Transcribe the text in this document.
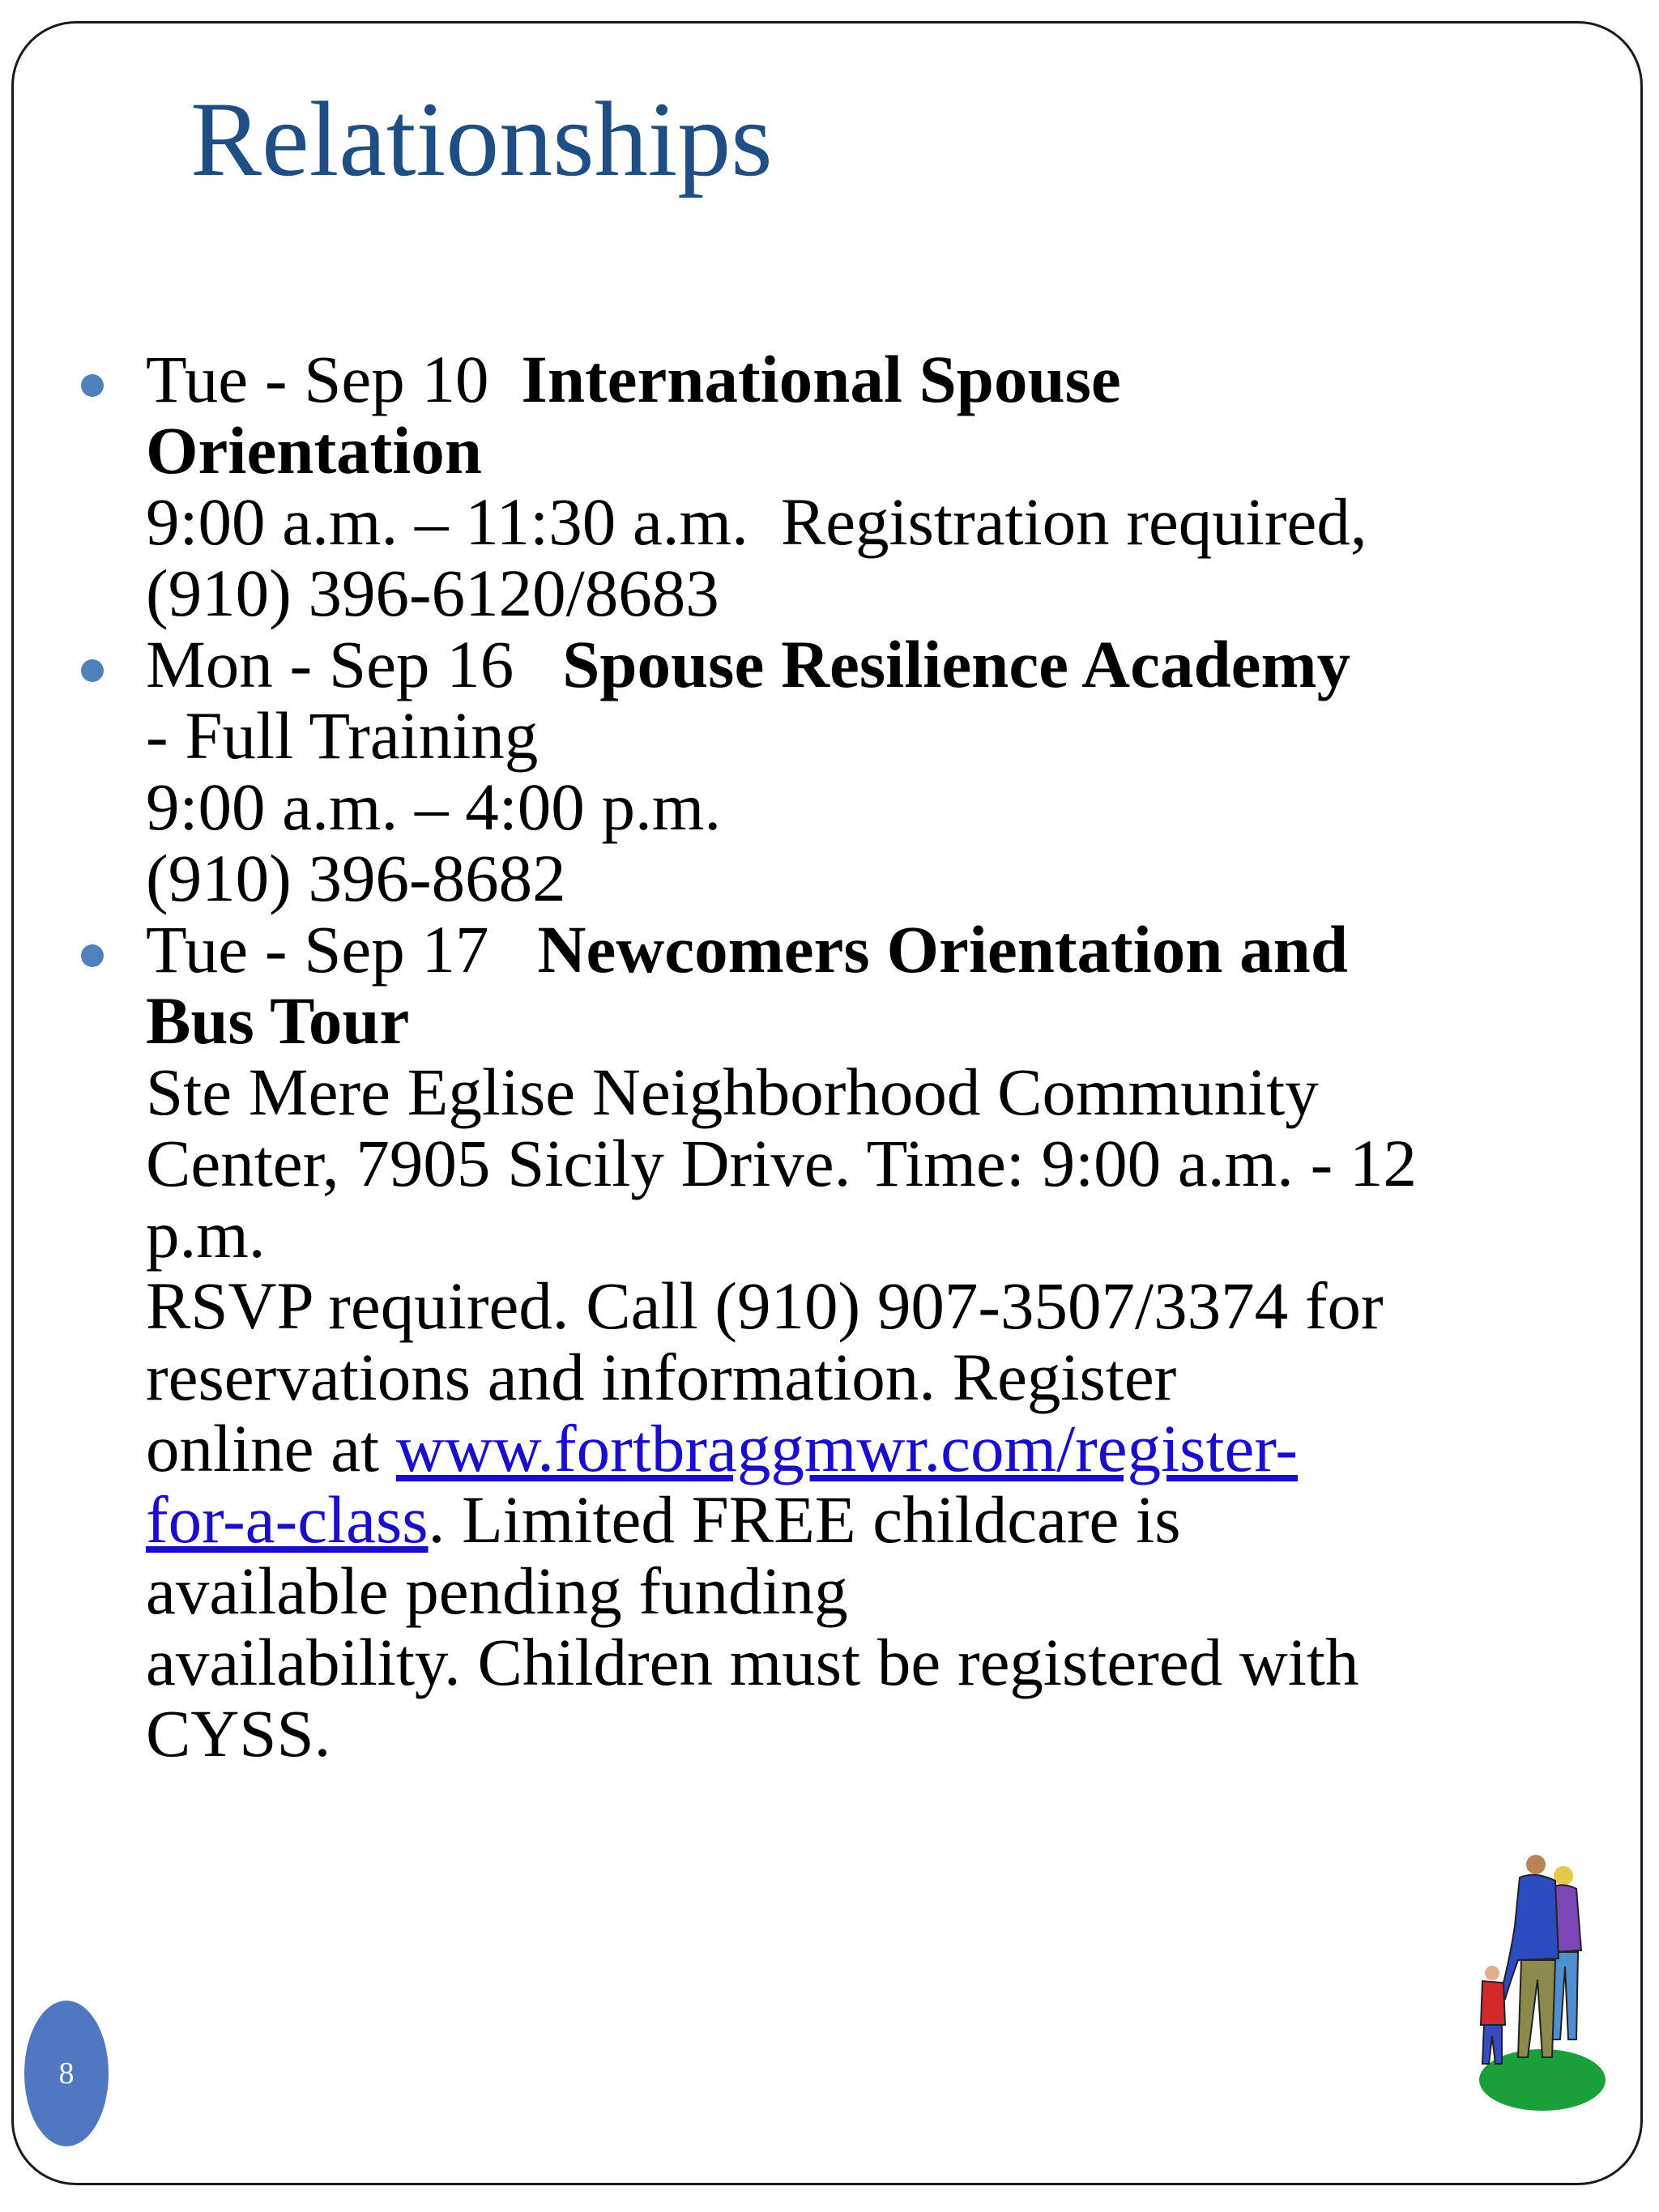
Relationships
Tue - Sep 10 International Spouse
Orientation
9:00 a.m. – 11:30 a.m. Registration required,
(910) 396-6120/8683
Mon - Sep 16 Spouse Resilience Academy
- Full Training
9:00 a.m. – 4:00 p.m.
(910) 396-8682
Tue - Sep 17 Newcomers Orientation and
Bus Tour
Ste Mere Eglise Neighborhood Community
Center, 7905 Sicily Drive. Time: 9:00 a.m. - 12
p.m.
RSVP required. Call (910) 907-3507/3374 for
reservations and information. Register
online at www.fortbraggmwr.com/register-
for-a-class. Limited FREE childcare is
available pending funding
availability. Children must be registered with
CYSS.
8
